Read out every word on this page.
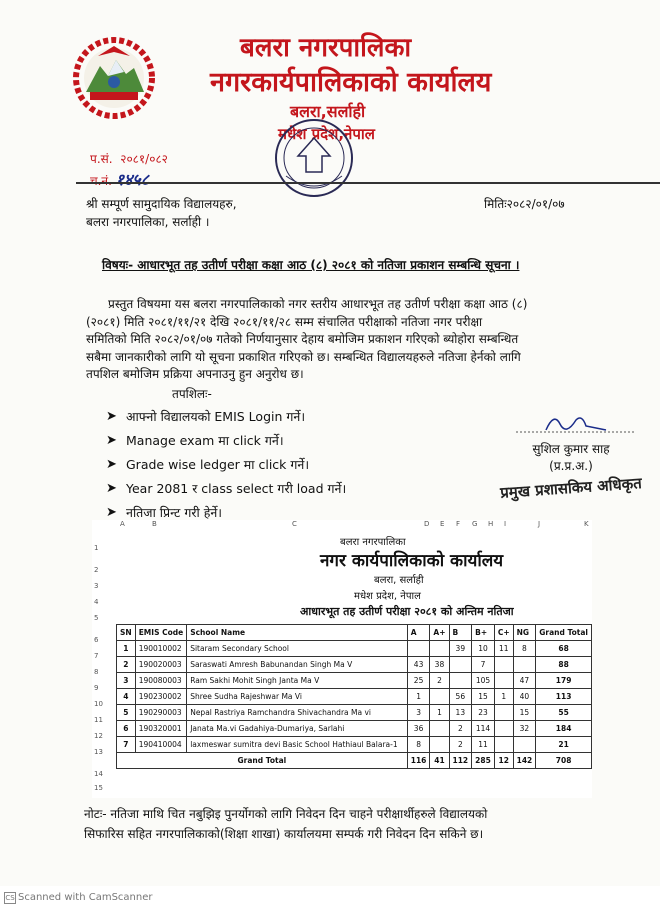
बलरा नगरपालिका
नगरकार्यपालिकाको कार्यालय
बलरा,सर्लाही
मधेश प्रदेश,नेपाल
प.सं. २०८१/०८२
च.नं. १४५८
श्री सम्पूर्ण सामुदायिक विद्यालयहरु,
बलरा नगरपालिका, सर्लाही ।
मितिः२०८२/०१/०७
विषयः- आधारभूत तह उतीर्ण परीक्षा कक्षा आठ (८) २०८१ को नतिजा प्रकाशन सम्बन्धि सूचना ।
प्रस्तुत विषयमा यस बलरा नगरपालिकाको नगर स्तरीय आधारभूत तह उतीर्ण परीक्षा कक्षा आठ (८)
(२०८१) मिति २०८१/११/२१ देखि २०८१/११/२८ सम्म संचालित परीक्षाको नतिजा नगर परीक्षा
समितिको मिति २०८२/०१/०७ गतेको निर्णयानुसार देहाय बमोजिम प्रकाशन गरिएको ब्योहोरा सम्बन्धित
सबैमा जानकारीको लागि यो सूचना प्रकाशित गरिएको छ। सम्बन्धित विद्यालयहरुले नतिजा हेर्नको लागि
तपशिल बमोजिम प्रक्रिया अपनाउनु हुन अनुरोध छ।
तपशिलः-
➤ आफ्नो विद्यालयको EMIS Login गर्ने।
➤ Manage exam मा click गर्ने।
➤ Grade wise ledger मा click गर्ने।
➤ Year 2081 र class select गरी load गर्ने।
➤ नतिजा प्रिन्ट गरी हेर्ने।
सुशिल कुमार साह
(प्र.प्र.अ.)
प्रमुख प्रशासकिय अधिकृत
A	B	C	D E F G H I	J	K
1
2
3
4
5
6
7
8
9
10
11
12
13
14
15
बलरा नगरपालिका
नगर कार्यपालिकाको कार्यालय
बलरा, सर्लाही
मधेश प्रदेश, नेपाल
आधारभूत तह उतीर्ण परीक्षा २०८१ को अन्तिम नतिजा
SN	EMIS Code	School Name	A	A+	B	B+	C+	NG	Grand Total
1	190010002	Sitaram Secondary School			39	10	11	8	68
2	190020003	Saraswati Amresh Babunandan Singh Ma V	43	38		7			88
3	190080003	Ram Sakhi Mohit Singh Janta Ma V	25	2		105		47	179
4	190230002	Shree Sudha Rajeshwar Ma Vi	1		56	15	1	40	113
5	190290003	Nepal Rastriya Ramchandra Shivachandra Ma vi	3	1	13	23		15	55
6	190320001	Janata Ma.vi Gadahiya-Dumariya, Sarlahi	36		2	114		32	184
7	190410004	laxmeswar sumitra devi Basic School Hathiaul Balara-1	8		2	11			21
Grand Total			116	41	112	285	12	142	708
नोटः- नतिजा माथि चित नबुझिइ पुनर्योगको लागि निवेदन दिन चाहने परीक्षार्थीहरुले विद्यालयको
सिफारिस सहित नगरपालिकाको(शिक्षा शाखा) कार्यालयमा सम्पर्क गरी निवेदन दिन सकिने छ।
CS Scanned with CamScanner
